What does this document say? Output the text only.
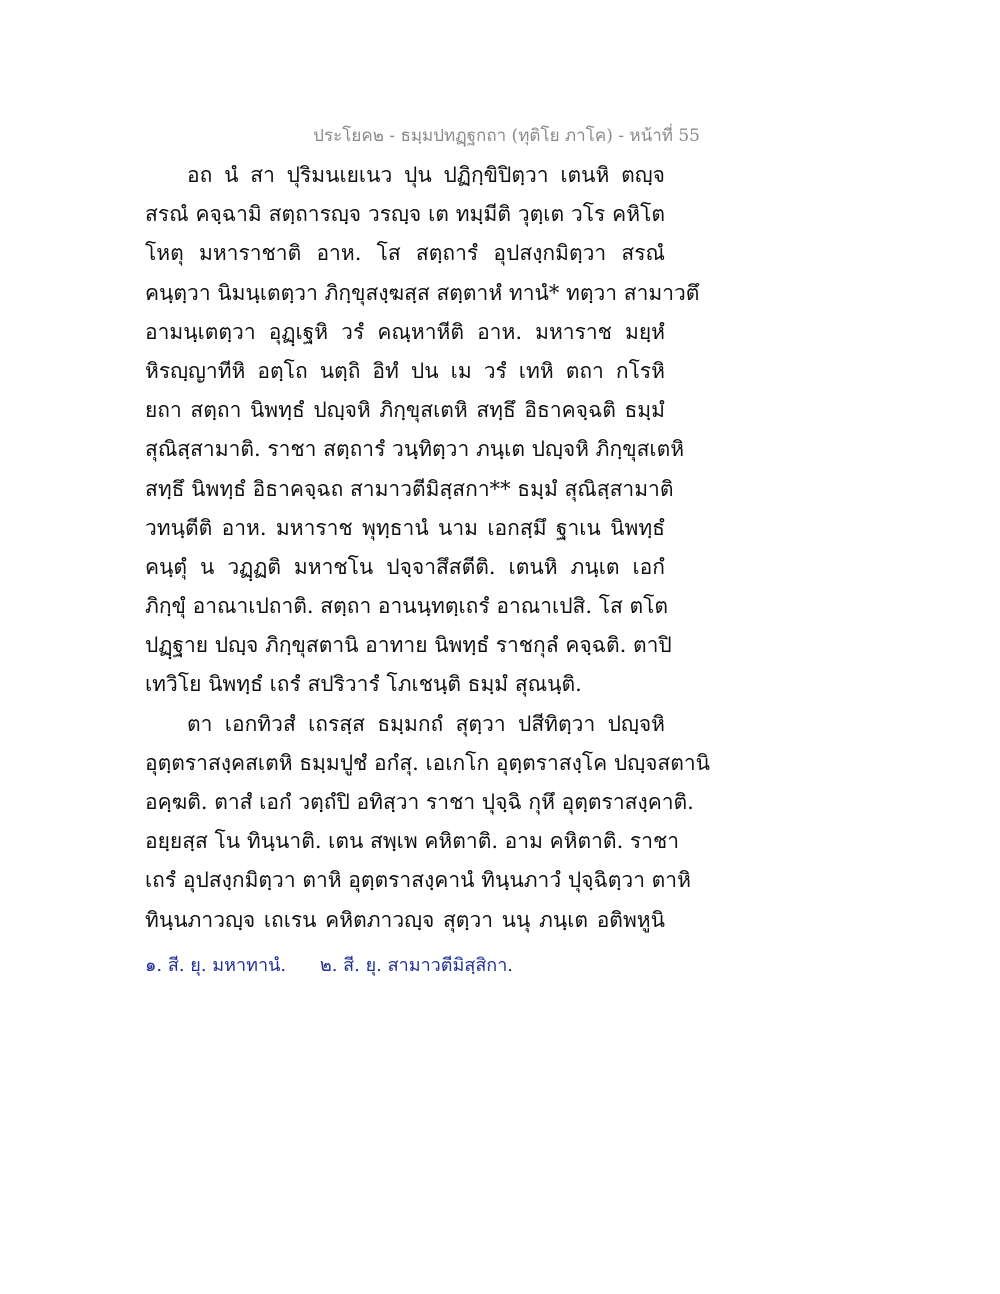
ประโยค๒ - ธมฺมปทฏฺฐกถา (ทุติโย ภาโค) - หน้าที่ 55
อถ นํ สา ปุริมนเยเนว ปุน ปฏิกฺขิปิตฺวา เตนหิ ตญฺจ
สรณํ คจฺฉามิ สตฺถารญฺจ วรญฺจ เต ทมฺมีติ วุตฺเต วโร คหิโต
โหตุ มหาราชาติ อาห. โส สตฺถารํ อุปสงฺกมิตฺวา สรณํ
คนฺตฺวา นิมนฺเตตฺวา ภิกฺขุสงฺฆสฺส สตฺตาหํ ทานํ* ทตฺวา สามาวตึ
อามนฺเตตฺวา อุฏฺเฐหิ วรํ คณฺหาหีติ อาห. มหาราช มยฺหํ
หิรญฺญาทีหิ อตฺโถ นตฺถิ อิทํ ปน เม วรํ เทหิ ตถา กโรหิ
ยถา สตฺถา นิพทฺธํ ปญฺจหิ ภิกฺขุสเตหิ สทฺธึ อิธาคจฺฉติ ธมฺมํ
สุณิสฺสามาติ. ราชา สตฺถารํ วนฺทิตฺวา ภนฺเต ปญฺจหิ ภิกฺขุสเตหิ
สทฺธึ นิพทฺธํ อิธาคจฺฉถ สามาวตีมิสฺสกา** ธมฺมํ สุณิสฺสามาติ
วทนฺตีติ อาห. มหาราช พุทฺธานํ นาม เอกสฺมึ ฐาเน นิพทฺธํ
คนฺตุํ น วฏฺฏติ มหาชโน ปจฺจาสึสตีติ. เตนหิ ภนฺเต เอกํ
ภิกฺขุํ อาณาเปถาติ. สตฺถา อานนฺทตฺเถรํ อาณาเปสิ. โส ตโต
ปฏฺฐาย ปญฺจ ภิกฺขุสตานิ อาทาย นิพทฺธํ ราชกุลํ คจฺฉติ. ตาปิ
เทวิโย นิพทฺธํ เถรํ สปริวารํ โภเชนฺติ ธมฺมํ สุณนฺติ.
ตา เอกทิวสํ เถรสฺส ธมฺมกถํ สุตฺวา ปสีทิตฺวา ปญฺจหิ
อุตฺตราสงฺคสเตหิ ธมฺมปูชํ อกํสุ. เอเกโก อุตฺตราสงฺโค ปญฺจสตานิ
อคฺฆติ. ตาสํ เอกํ วตฺถํปิ อทิสฺวา ราชา ปุจฺฉิ กุหึ อุตฺตราสงฺคาติ.
อยฺยสฺส โน ทินฺนาติ. เตน สพฺเพ คหิตาติ. อาม คหิตาติ. ราชา
เถรํ อุปสงฺกมิตฺวา ตาหิ อุตฺตราสงฺคานํ ทินฺนภาวํ ปุจฺฉิตฺวา ตาหิ
ทินฺนภาวญฺจ เถเรน คหิตภาวญฺจ สุตฺวา นนุ ภนฺเต อติพหูนิ
๑. สี. ยุ. มหาทานํ. ๒. สี. ยุ. สามาวตีมิสฺสิกา.
